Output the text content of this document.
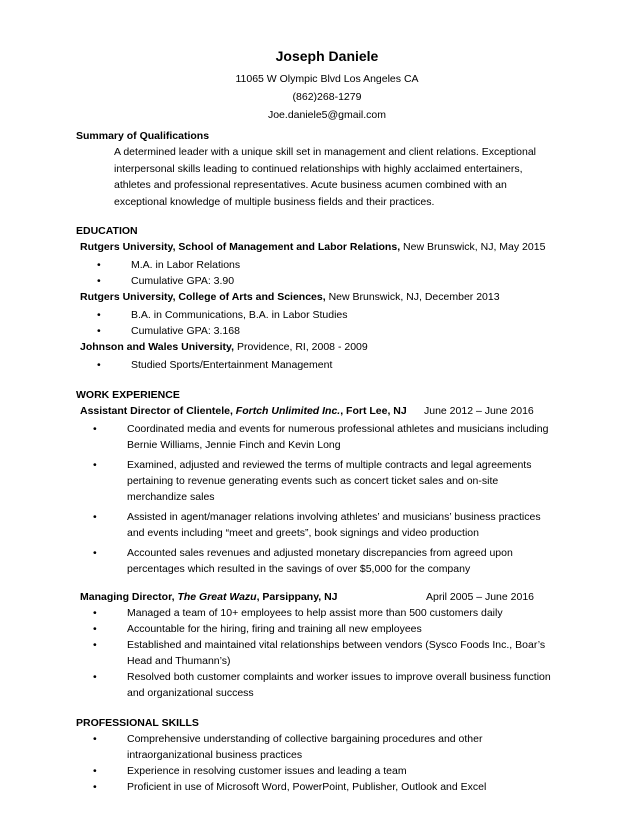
Joseph Daniele
11065 W Olympic Blvd Los Angeles CA
(862)268-1279
Joe.daniele5@gmail.com
Summary of Qualifications
A determined leader with a unique skill set in management and client relations. Exceptional
interpersonal skills leading to continued relationships with highly acclaimed entertainers,
athletes and professional representatives. Acute business acumen combined with an
exceptional knowledge of multiple business fields and their practices.
EDUCATION
Rutgers University, School of Management and Labor Relations, New Brunswick, NJ, May 2015
•	M.A. in Labor Relations
•	Cumulative GPA: 3.90
Rutgers University, College of Arts and Sciences, New Brunswick, NJ, December 2013
•	B.A. in Communications, B.A. in Labor Studies
•	Cumulative GPA: 3.168
Johnson and Wales University, Providence, RI, 2008 - 2009
•	Studied Sports/Entertainment Management
WORK EXPERIENCE
Assistant Director of Clientele, Fortch Unlimited Inc., Fort Lee, NJ June 2012 – June 2016
•	Coordinated media and events for numerous professional athletes and musicians including
Bernie Williams, Jennie Finch and Kevin Long
•	Examined, adjusted and reviewed the terms of multiple contracts and legal agreements
pertaining to revenue generating events such as concert ticket sales and on-site
merchandize sales
•	Assisted in agent/manager relations involving athletes’ and musicians’ business practices
and events including “meet and greets”, book signings and video production
•	Accounted sales revenues and adjusted monetary discrepancies from agreed upon
percentages which resulted in the savings of over $5,000 for the company
Managing Director, The Great Wazu, Parsippany, NJ	April 2005 – June 2016
•	Managed a team of 10+ employees to help assist more than 500 customers daily
•	Accountable for the hiring, firing and training all new employees
•	Established and maintained vital relationships between vendors (Sysco Foods Inc., Boar’s
Head and Thumann’s)
•	Resolved both customer complaints and worker issues to improve overall business function
and organizational success
PROFESSIONAL SKILLS
•	Comprehensive understanding of collective bargaining procedures and other
intraorganizational business practices
•	Experience in resolving customer issues and leading a team
•	Proficient in use of Microsoft Word, PowerPoint, Publisher, Outlook and Excel
